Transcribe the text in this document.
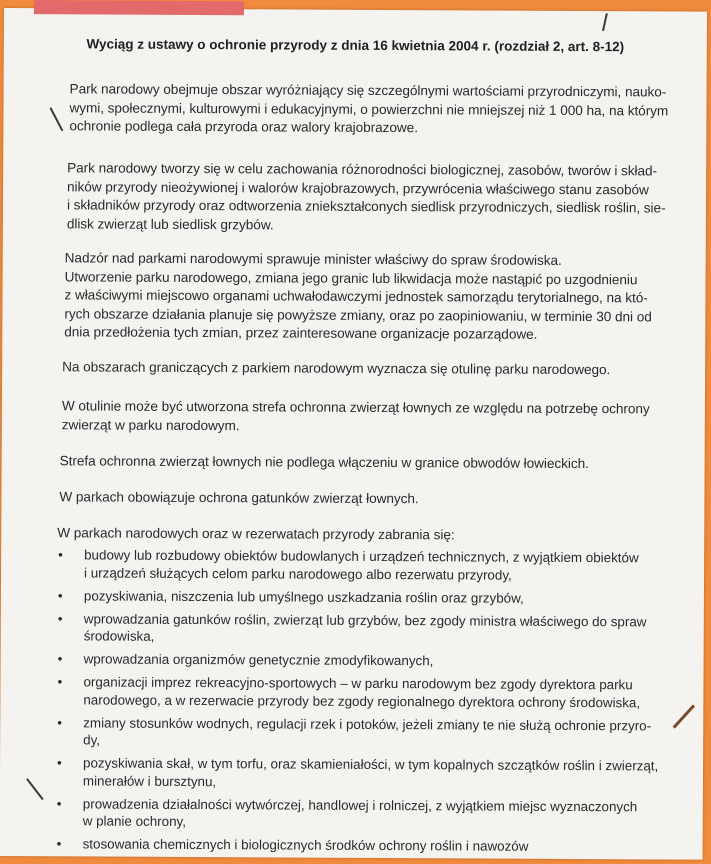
Wyciąg z ustawy o ochronie przyrody z dnia 16 kwietnia 2004 r. (rozdział 2, art. 8-12)
Park narodowy obejmuje obszar wyróżniający się szczególnymi wartościami przyrodniczymi, nauko-
wymi, społecznymi, kulturowymi i edukacyjnymi, o powierzchni nie mniejszej niż 1 000 ha, na którym
ochronie podlega cała przyroda oraz walory krajobrazowe.
Park narodowy tworzy się w celu zachowania różnorodności biologicznej, zasobów, tworów i skład-
ników przyrody nieożywionej i walorów krajobrazowych, przywrócenia właściwego stanu zasobów
i składników przyrody oraz odtworzenia zniekształconych siedlisk przyrodniczych, siedlisk roślin, sie-
dlisk zwierząt lub siedlisk grzybów.
Nadzór nad parkami narodowymi sprawuje minister właściwy do spraw środowiska.
Utworzenie parku narodowego, zmiana jego granic lub likwidacja może nastąpić po uzgodnieniu
z właściwymi miejscowo organami uchwałodawczymi jednostek samorządu terytorialnego, na któ-
rych obszarze działania planuje się powyższe zmiany, oraz po zaopiniowaniu, w terminie 30 dni od
dnia przedłożenia tych zmian, przez zainteresowane organizacje pozarządowe.
Na obszarach graniczących z parkiem narodowym wyznacza się otulinę parku narodowego.
W otulinie może być utworzona strefa ochronna zwierząt łownych ze względu na potrzebę ochrony
zwierząt w parku narodowym.
Strefa ochronna zwierząt łownych nie podlega włączeniu w granice obwodów łowieckich.
W parkach obowiązuje ochrona gatunków zwierząt łownych.
W parkach narodowych oraz w rezerwatach przyrody zabrania się:
• budowy lub rozbudowy obiektów budowlanych i urządzeń technicznych, z wyjątkiem obiektów
i urządzeń służących celom parku narodowego albo rezerwatu przyrody,
• pozyskiwania, niszczenia lub umyślnego uszkadzania roślin oraz grzybów,
• wprowadzania gatunków roślin, zwierząt lub grzybów, bez zgody ministra właściwego do spraw
środowiska,
• wprowadzania organizmów genetycznie zmodyfikowanych,
• organizacji imprez rekreacyjno-sportowych – w parku narodowym bez zgody dyrektora parku
narodowego, a w rezerwacie przyrody bez zgody regionalnego dyrektora ochrony środowiska,
• zmiany stosunków wodnych, regulacji rzek i potoków, jeżeli zmiany te nie służą ochronie przyro-
dy,
• pozyskiwania skał, w tym torfu, oraz skamieniałości, w tym kopalnych szczątków roślin i zwierząt,
minerałów i bursztynu,
• prowadzenia działalności wytwórczej, handlowej i rolniczej, z wyjątkiem miejsc wyznaczonych
w planie ochrony,
• stosowania chemicznych i biologicznych środków ochrony roślin i nawozów
